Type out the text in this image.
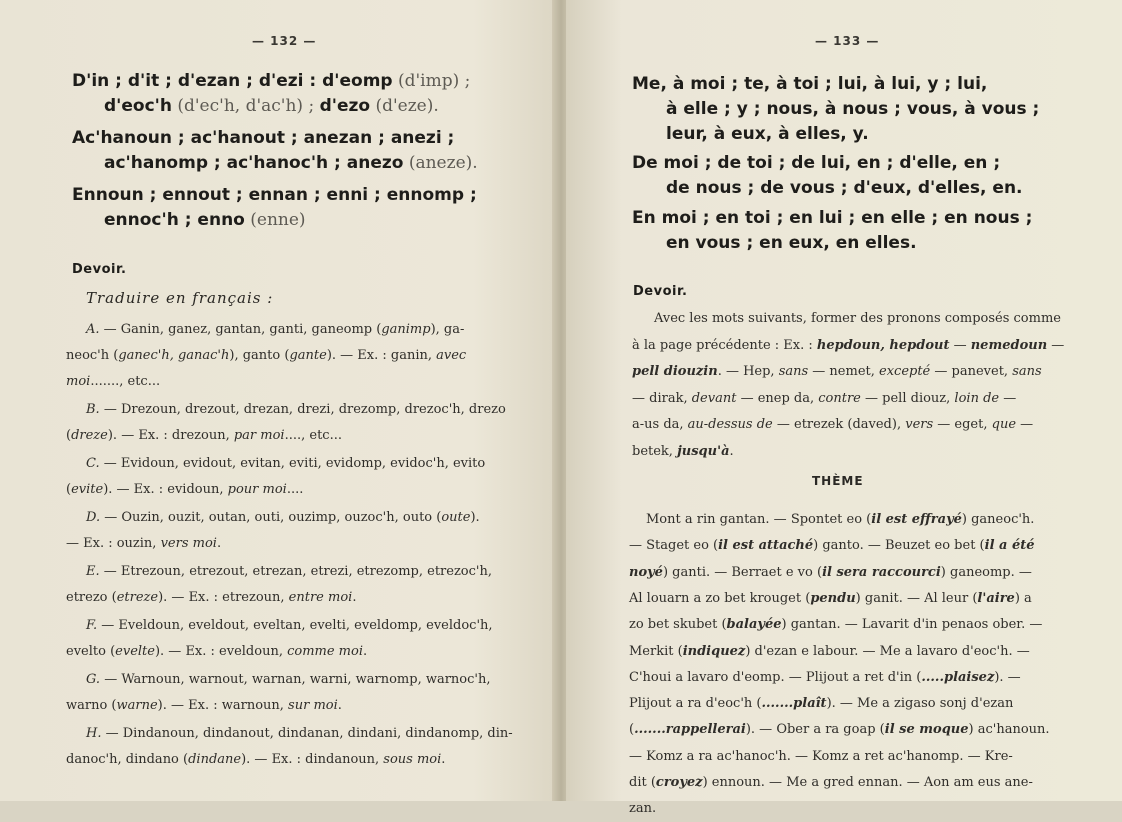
— 132 —
D'in ; d'it ; d'ezan ; d'ezi : d'eomp (d'imp) ;
d'eoc'h (d'ec'h, d'ac'h) ; d'ezo (d'eze).
Ac'hanoun ; ac'hanout ; anezan ; anezi ;
ac'hanomp ; ac'hanoc'h ; anezo (aneze).
Ennoun ; ennout ; ennan ; enni ; ennomp ;
ennoc'h ; enno (enne)
Devoir.
Traduire en français :
A. — Ganin, ganez, gantan, ganti, ganeomp (ganimp), ga-
neoc'h (ganec'h, ganac'h), ganto (gante). — Ex. : ganin, avec
moi......., etc...
B. — Drezoun, drezout, drezan, drezi, drezomp, drezoc'h, drezo
(dreze). — Ex. : drezoun, par moi...., etc...
C. — Evidoun, evidout, evitan, eviti, evidomp, evidoc'h, evito
(evite). — Ex. : evidoun, pour moi....
D. — Ouzin, ouzit, outan, outi, ouzimp, ouzoc'h, outo (oute).
— Ex. : ouzin, vers moi.
E. — Etrezoun, etrezout, etrezan, etrezi, etrezomp, etrezoc'h,
etrezo (etreze). — Ex. : etrezoun, entre moi.
F. — Eveldoun, eveldout, eveltan, evelti, eveldomp, eveldoc'h,
evelto (evelte). — Ex. : eveldoun, comme moi.
G. — Warnoun, warnout, warnan, warni, warnomp, warnoc'h,
warno (warne). — Ex. : warnoun, sur moi.
H. — Dindanoun, dindanout, dindanan, dindani, dindanomp, din-
danoc'h, dindano (dindane). — Ex. : dindanoun, sous moi.
— 133 —
Me, à moi ; te, à toi ; lui, à lui, y ; lui,
à elle ; y ; nous, à nous ; vous, à vous ;
leur, à eux, à elles, y.
De moi ; de toi ; de lui, en ; d'elle, en ;
de nous ; de vous ; d'eux, d'elles, en.
En moi ; en toi ; en lui ; en elle ; en nous ;
en vous ; en eux, en elles.
Devoir.
Avec les mots suivants, former des pronons composés comme
à la page précédente : Ex. : hepdoun, hepdout — nemedoun —
pell diouzin. — Hep, sans — nemet, excepté — panevet, sans
— dirak, devant — enep da, contre — pell diouz, loin de —
a-us da, au-dessus de — etrezek (daved), vers — eget, que —
betek, jusqu'à.
THÈME
Mont a rin gantan. — Spontet eo (il est effrayé) ganeoc'h.
— Staget eo (il est attaché) ganto. — Beuzet eo bet (il a été
noyé) ganti. — Berraet e vo (il sera raccourci) ganeomp. —
Al louarn a zo bet krouget (pendu) ganit. — Al leur (l'aire) a
zo bet skubet (balayée) gantan. — Lavarit d'in penaos ober. —
Merkit (indiquez) d'ezan e labour. — Me a lavaro d'eoc'h. —
C'houi a lavaro d'eomp. — Plijout a ret d'in (.....plaisez). —
Plijout a ra d'eoc'h (.......plaît). — Me a zigaso sonj d'ezan
(.......rappellerai). — Ober a ra goap (il se moque) ac'hanoun.
— Komz a ra ac'hanoc'h. — Komz a ret ac'hanomp. — Kre-
dit (croyez) ennoun. — Me a gred ennan. — Aon am eus ane-
zan.
